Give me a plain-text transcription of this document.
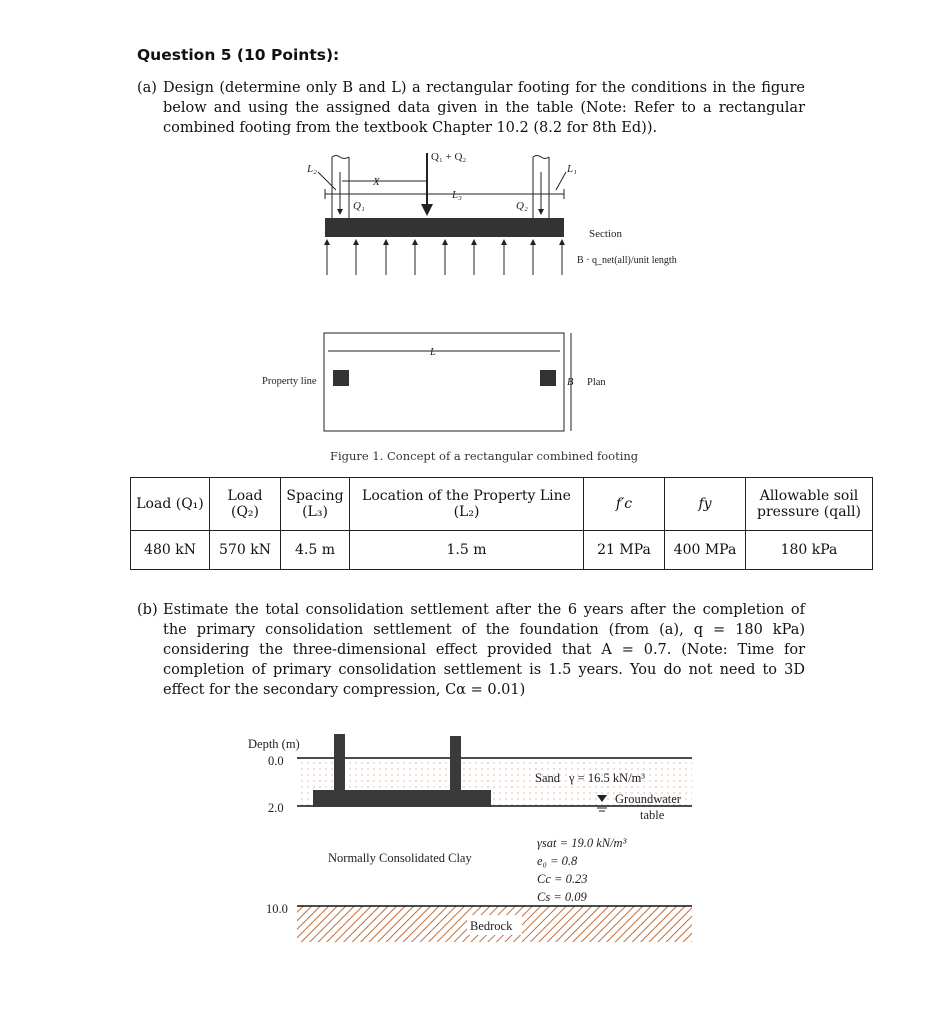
Question 5 (10 Points):
(a) Design (determine only B and L) a rectangular footing for the conditions in the figure below and using the assigned data given in the table (Note: Refer to a rectangular combined footing from the textbook Chapter 10.2 (8.2 for 8th Ed)).
Q₁ + Q₂
X
L₂	L₁
L₃
Q₁	Q₂
Section
B · q_net(all)/unit length
L
B Plan
Property line
Figure 1. Concept of a rectangular combined footing
Load (Q₁)	Load (Q₂)	Spacing (L₃)	Location of the Property Line (L₂)	f′c	fy	Allowable soil pressure (qall)
480 kN	570 kN	4.5 m	1.5 m	21 MPa	400 MPa	180 kPa
(b) Estimate the total consolidation settlement after the 6 years after the completion of the primary consolidation settlement of the foundation (from (a), q = 180 kPa) considering the three-dimensional effect provided that A = 0.7. (Note: Time for completion of primary consolidation settlement is 1.5 years. You do not need to 3D effect for the secondary compression, Cα = 0.01)
Depth (m)
0.0
2.0
10.0
Sand γ = 16.5 kN/m³
Groundwater
table
Normally Consolidated Clay
γsat = 19.0 kN/m³
e₀ = 0.8
Cc = 0.23
Cs = 0.09
Bedrock
